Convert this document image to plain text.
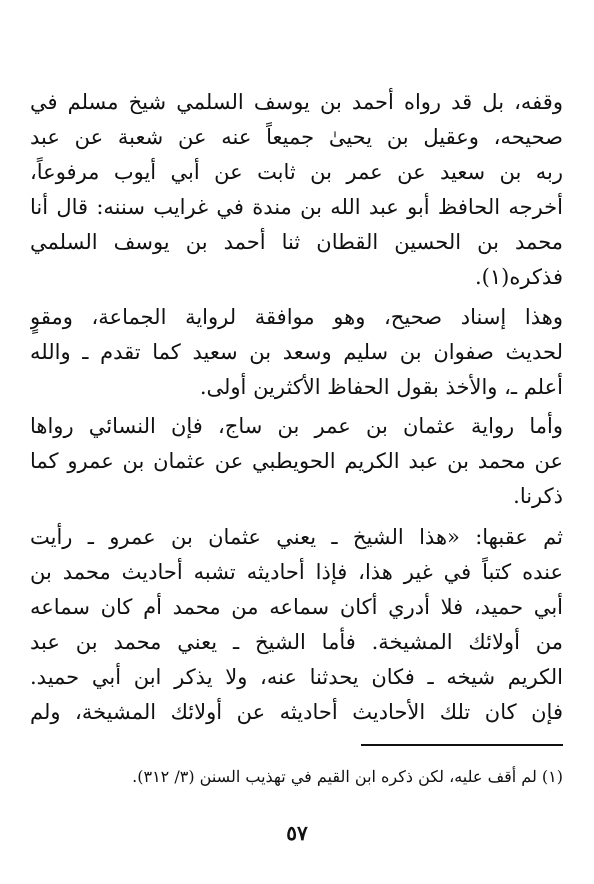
وقفه، بل قد رواه أحمد بن يوسف السلمي شيخ مسلم في
صحيحه، وعقيل بن يحيىٰ جميعاً عنه عن شعبة عن عبد
ربه بن سعيد عن عمر بن ثابت عن أبي أيوب مرفوعاً،
أخرجه الحافظ أبو عبد الله بن مندة في غرايب سننه: قال أنا
محمد بن الحسين القطان ثنا أحمد بن يوسف السلمي
فذكره(١).
وهذا إسناد صحيح، وهو موافقة لرواية الجماعة، ومقوٍ
لحديث صفوان بن سليم وسعد بن سعيد كما تقدم ـ والله
أعلم ـ، والأخذ بقول الحفاظ الأكثرين أولى.
وأما رواية عثمان بن عمر بن ساج، فإن النسائي رواها
عن محمد بن عبد الكريم الحويطبي عن عثمان بن عمرو كما
ذكرنا.
ثم عقبها: «هذا الشيخ ـ يعني عثمان بن عمرو ـ رأيت
عنده كتباً في غير هذا، فإذا أحاديثه تشبه أحاديث محمد بن
أبي حميد، فلا أدري أكان سماعه من محمد أم كان سماعه
من أولائك المشيخة. فأما الشيخ ـ يعني محمد بن عبد
الكريم شيخه ـ فكان يحدثنا عنه، ولا يذكر ابن أبي حميد.
فإن كان تلك الأحاديث أحاديثه عن أولائك المشيخة، ولم
(١) لم أقف عليه، لكن ذكره ابن القيم في تهذيب السنن (٣/ ٣١٢).
٥٧
